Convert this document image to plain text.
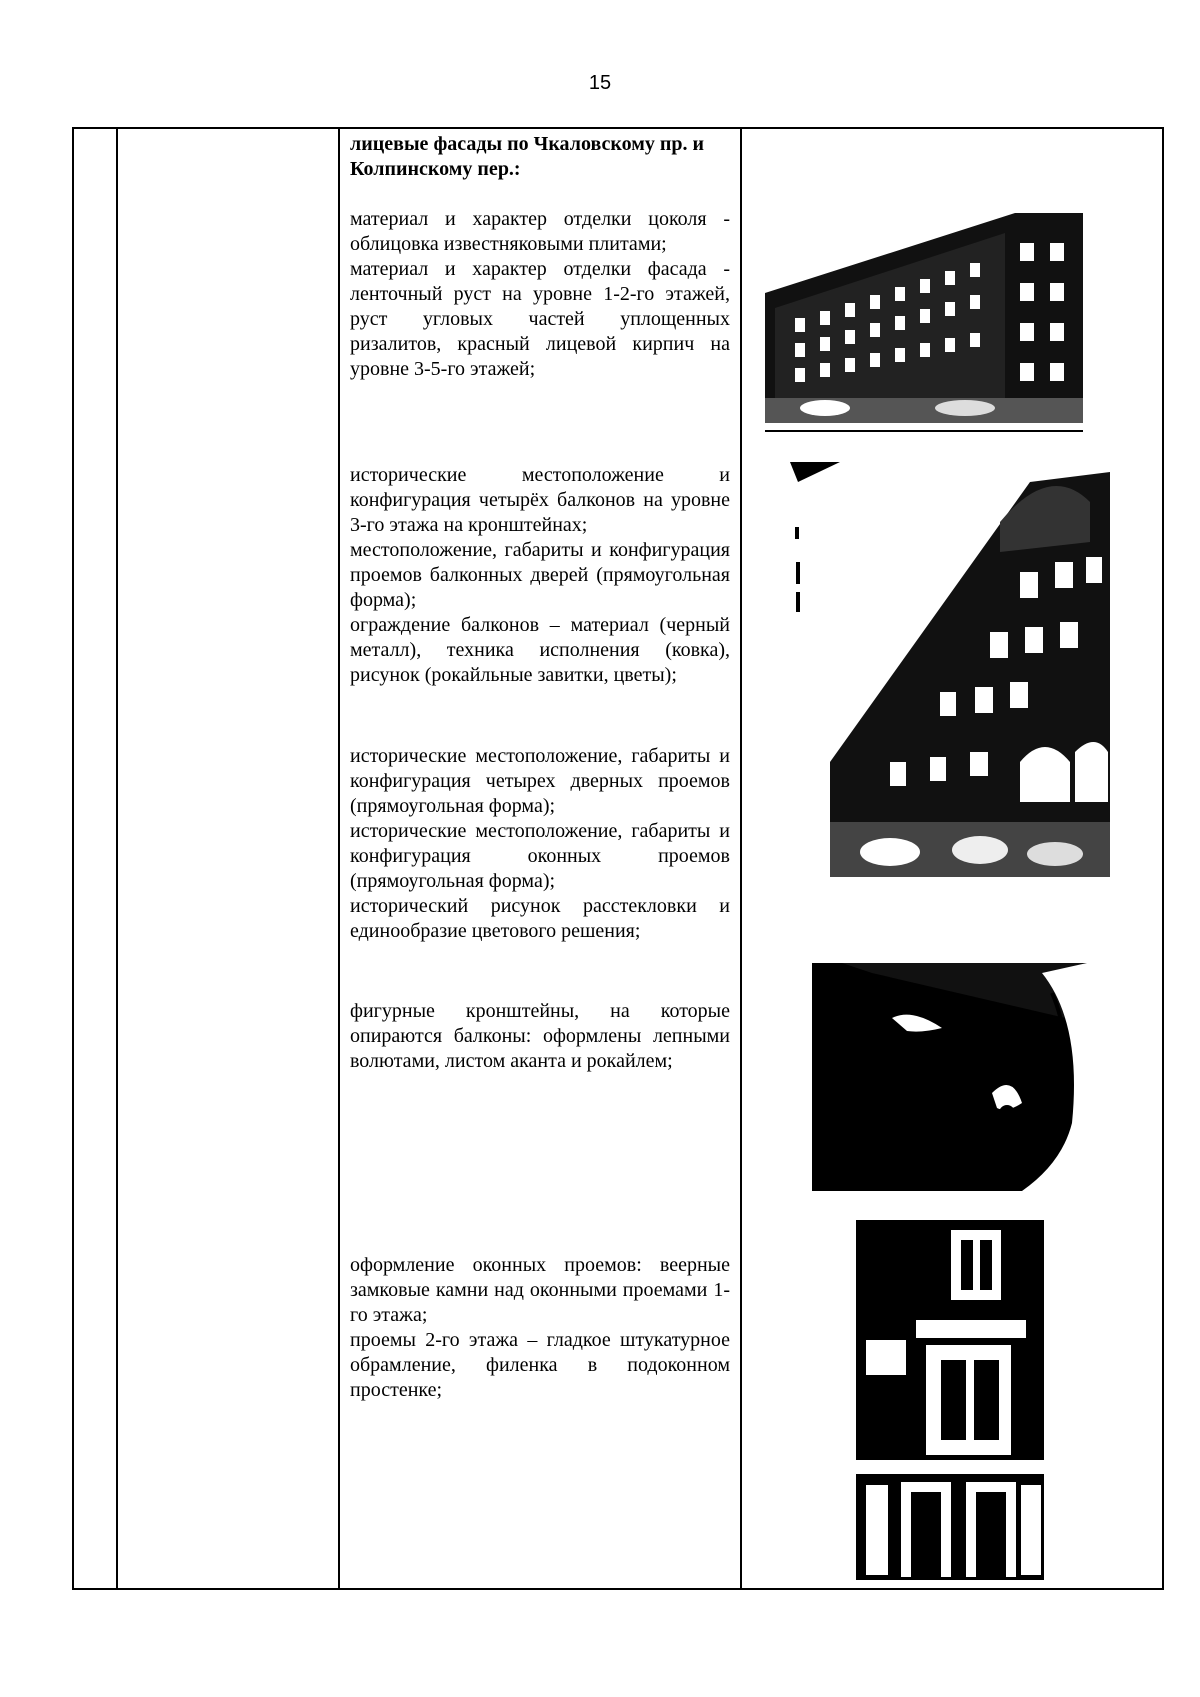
15

лицевые фасады по Чкаловскому пр. и Колпинскому пер.:

материал и характер отделки цоколя - облицовка известняковыми плитами;

материал и характер отделки фасада - ленточный руст на уровне 1-2-го этажей, руст угловых частей уплощенных ризалитов, красный лицевой кирпич на уровне 3-5-го этажей;

исторические местоположение и конфигурация четырёх балконов на уровне 3-го этажа на кронштейнах;

местоположение, габариты и конфигурация проемов балконных дверей (прямоугольная форма);

ограждение балконов – материал (черный металл), техника исполнения (ковка), рисунок (рокайльные завитки, цветы);

исторические местоположение, габариты и конфигурация четырех дверных проемов (прямоугольная форма);

исторические местоположение, габариты и конфигурация оконных проемов (прямоугольная форма);

исторический рисунок расстекловки и единообразие цветового решения;

фигурные кронштейны, на которые опираются балконы: оформлены лепными волютами, листом аканта и рокайлем;

оформление оконных проемов: веерные замковые камни над оконными проемами 1-го этажа;

проемы 2-го этажа – гладкое штукатурное обрамление, филенка в подоконном простенке;
